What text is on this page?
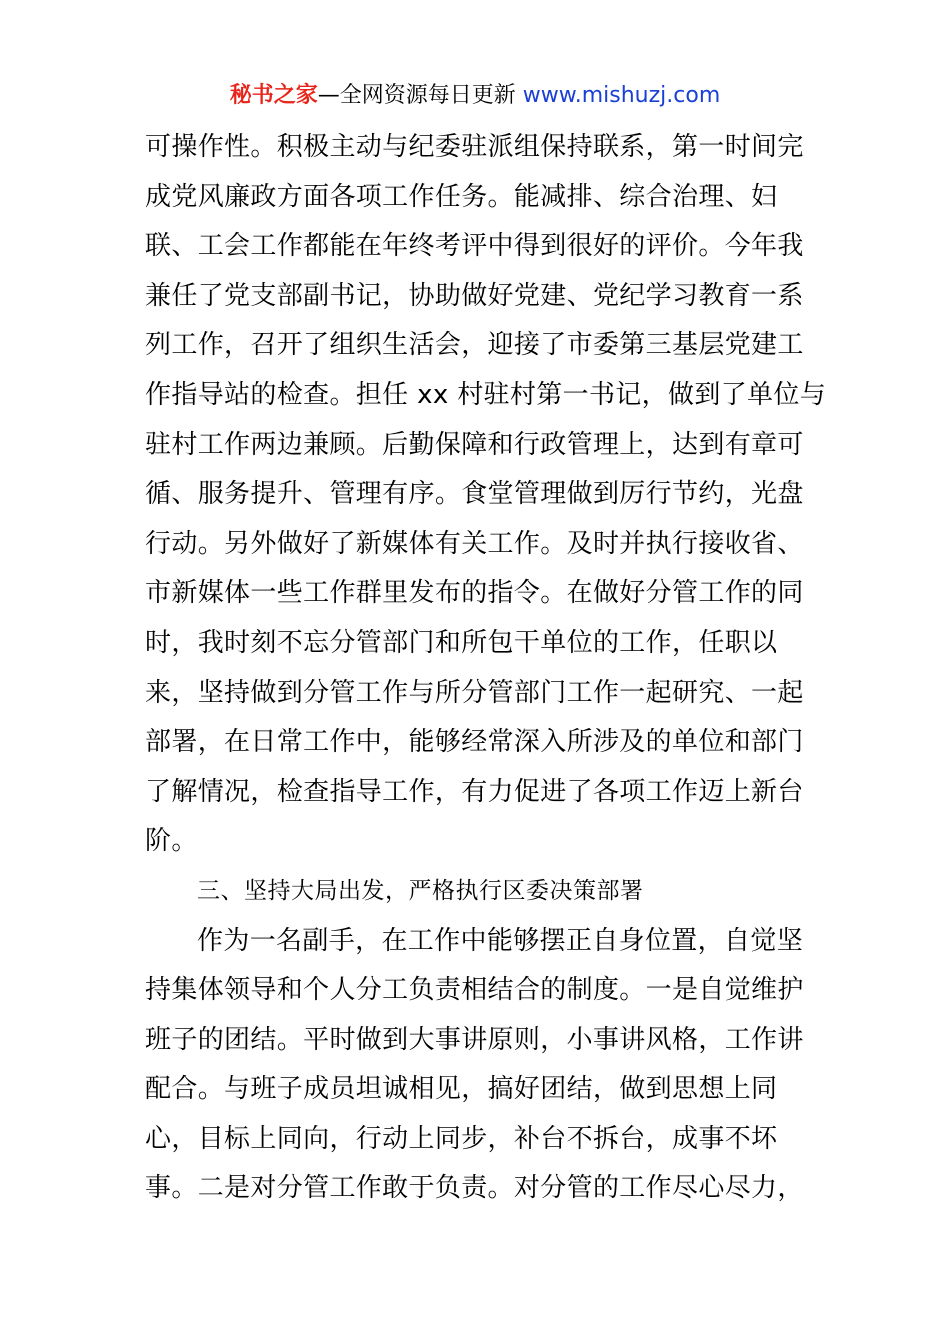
秘书之家—全网资源每日更新 www.mishuzj.com
可操作性。积极主动与纪委驻派组保持联系，第一时间完
成党风廉政方面各项工作任务。能减排、综合治理、妇
联、工会工作都能在年终考评中得到很好的评价。今年我
兼任了党支部副书记，协助做好党建、党纪学习教育一系
列工作，召开了组织生活会，迎接了市委第三基层党建工
作指导站的检查。担任 xx 村驻村第一书记，做到了单位与
驻村工作两边兼顾。后勤保障和行政管理上，达到有章可
循、服务提升、管理有序。食堂管理做到厉行节约，光盘
行动。另外做好了新媒体有关工作。及时并执行接收省、
市新媒体一些工作群里发布的指令。在做好分管工作的同
时，我时刻不忘分管部门和所包干单位的工作，任职以
来，坚持做到分管工作与所分管部门工作一起研究、一起
部署，在日常工作中，能够经常深入所涉及的单位和部门
了解情况，检查指导工作，有力促进了各项工作迈上新台
阶。
三、坚持大局出发，严格执行区委决策部署
作为一名副手，在工作中能够摆正自身位置，自觉坚
持集体领导和个人分工负责相结合的制度。一是自觉维护
班子的团结。平时做到大事讲原则，小事讲风格，工作讲
配合。与班子成员坦诚相见，搞好团结，做到思想上同
心，目标上同向，行动上同步，补台不拆台，成事不坏
事。二是对分管工作敢于负责。对分管的工作尽心尽力，
